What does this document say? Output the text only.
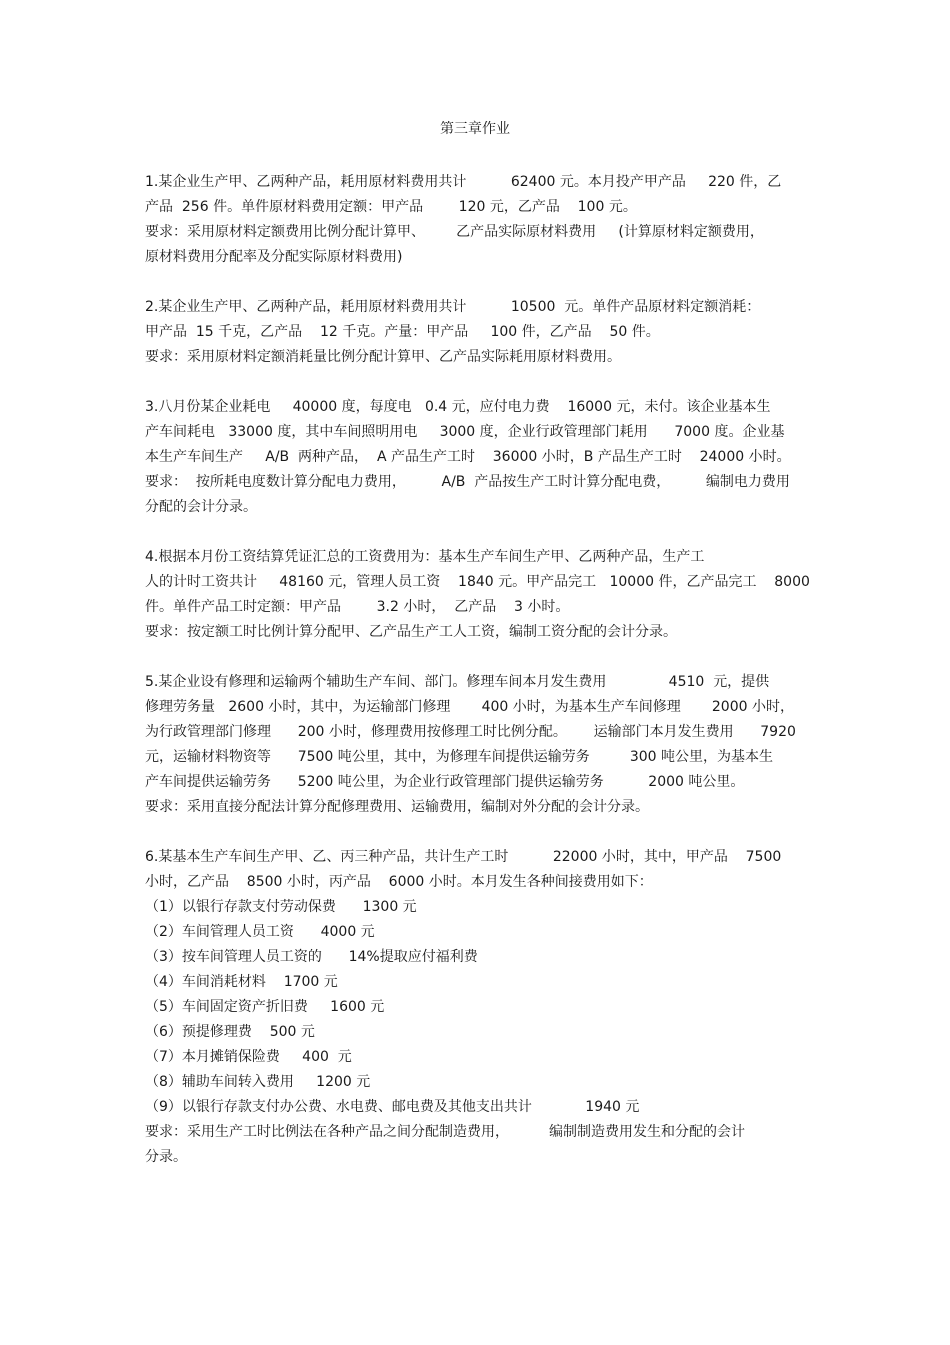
第三章作业
1.某企业生产甲、乙两种产品，耗用原材料费用共计          62400 元。本月投产甲产品     220 件，乙
产品  256 件。单件原材料费用定额：甲产品        120 元，乙产品    100 元。
要求：采用原材料定额费用比例分配计算甲、       乙产品实际原材料费用     (计算原材料定额费用，
原材料费用分配率及分配实际原材料费用)
2.某企业生产甲、乙两种产品，耗用原材料费用共计          10500  元。单件产品原材料定额消耗：
甲产品  15 千克，乙产品    12 千克。产量：甲产品     100 件，乙产品    50 件。
要求：采用原材料定额消耗量比例分配计算甲、乙产品实际耗用原材料费用。
3.八月份某企业耗电     40000 度，每度电   0.4 元，应付电力费    16000 元，未付。该企业基本生
产车间耗电   33000 度，其中车间照明用电     3000 度，企业行政管理部门耗用      7000 度。企业基
本生产车间生产     A/B  两种产品，  A 产品生产工时    36000 小时，B 产品生产工时    24000 小时。
要求：  按所耗电度数计算分配电力费用，        A/B  产品按生产工时计算分配电费，        编制电力费用
分配的会计分录。
4.根据本月份工资结算凭证汇总的工资费用为：基本生产车间生产甲、乙两种产品，生产工
人的计时工资共计     48160 元，管理人员工资    1840 元。甲产品完工   10000 件，乙产品完工    8000
件。单件产品工时定额：甲产品        3.2 小时，  乙产品    3 小时。
要求：按定额工时比例计算分配甲、乙产品生产工人工资，编制工资分配的会计分录。
5.某企业设有修理和运输两个辅助生产车间、部门。修理车间本月发生费用              4510  元，提供
修理劳务量   2600 小时，其中，为运输部门修理       400 小时，为基本生产车间修理       2000 小时，
为行政管理部门修理      200 小时，修理费用按修理工时比例分配。      运输部门本月发生费用      7920
元，运输材料物资等      7500 吨公里，其中，为修理车间提供运输劳务         300 吨公里，为基本生
产车间提供运输劳务      5200 吨公里，为企业行政管理部门提供运输劳务          2000 吨公里。
要求：采用直接分配法计算分配修理费用、运输费用，编制对外分配的会计分录。
6.某基本生产车间生产甲、乙、丙三种产品，共计生产工时          22000 小时，其中，甲产品    7500
小时，乙产品    8500 小时，丙产品    6000 小时。本月发生各种间接费用如下：
（1）以银行存款支付劳动保费      1300 元
（2）车间管理人员工资      4000 元
（3）按车间管理人员工资的      14%提取应付福利费
（4）车间消耗材料    1700 元
（5）车间固定资产折旧费     1600 元
（6）预提修理费    500 元
（7）本月摊销保险费     400  元
（8）辅助车间转入费用     1200 元
（9）以银行存款支付办公费、水电费、邮电费及其他支出共计            1940 元
要求：采用生产工时比例法在各种产品之间分配制造费用，         编制制造费用发生和分配的会计
分录。
